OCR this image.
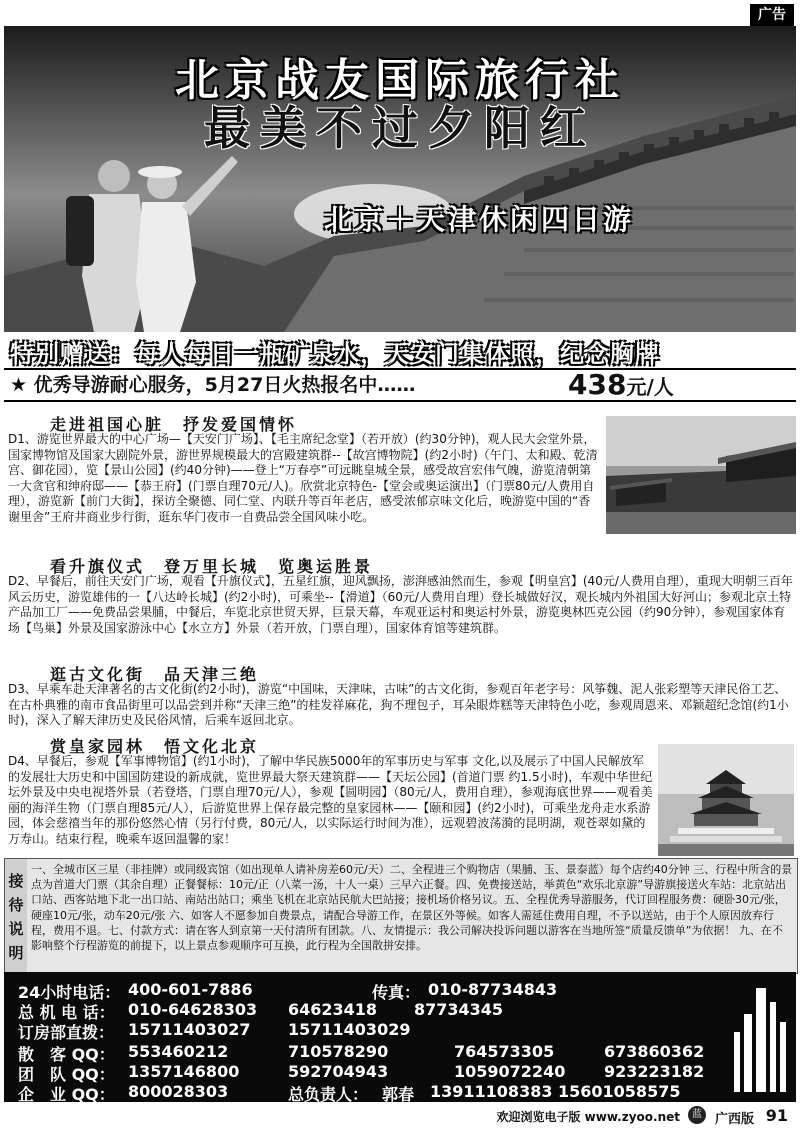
广告
北京战友国际旅行社
最美不过夕阳红
北京＋天津休闲四日游
特别赠送：每人每日一瓶矿泉水，天安门集体照，纪念胸牌
★ 优秀导游耐心服务，5月27日火热报名中……	438元/人
走进祖国心脏　抒发爱国情怀
D1、游览世界最大的中心广场—【天安门广场】、【毛主席纪念堂】（若开放）(约30分钟)，观人民大会堂外景，国家博物馆及国家大剧院外景，游世界规模最大的宫殿建筑群--【故宫博物院】(约2小时)（午门、太和殿、乾清宫、御花园），览【景山公园】(约40分钟)——登上“万春亭”可远眺皇城全景，感受故宫宏伟气魄，游览清朝第一大贪官和绅府邸——【恭王府】(门票自理70元/人)。欣赏北京特色-【堂会或奥运演出】（门票80元/人费用自理），游览新【前门大街】，探访全聚德、同仁堂、内联升等百年老店，感受浓郁京味文化后，晚游览中国的“香谢里舍”王府井商业步行街，逛东华门夜市一自费品尝全国风味小吃。
看升旗仪式　登万里长城　览奥运胜景
D2、早餐后，前往天安门广场，观看【升旗仪式】，五星红旗，迎风飘扬，澎湃感油然而生，参观【明皇宫】(40元/人费用自理），重现大明朝三百年风云历史，游览雄伟的一【八达岭长城】(约2小时)，可乘坐--【滑道】（60元/人费用自理）登长城做好汉，观长城内外祖国大好河山；参观北京土特产品加工厂——免费品尝果脯，中餐后，车览北京世贸天界，巨景天幕，车观亚运村和奥运村外景，游览奥林匹克公园（约90分钟），参观国家体育场【鸟巢】外景及国家游泳中心【水立方】外景（若开放，门票自理），国家体育馆等建筑群。
逛古文化街　品天津三绝
D3、早乘车赴天津著名的古文化街(约2小时)，游览“中国味，天津味，古味”的古文化街，参观百年老字号：风筝魏、泥人张彩塑等天津民俗工艺、在古朴典雅的南市食品街里可以品尝到并称“天津三绝”的桂发祥麻花，狗不理包子，耳朵眼炸糕等天津特色小吃，参观周恩来、邓颖超纪念馆(约1小时)，深入了解天津历史及民俗风情，后乘车返回北京。
赏皇家园林　悟文化北京
D4、早餐后，参观【军事博物馆】(约1小时)，了解中华民族5000年的军事历史与军事 文化,以及展示了中国人民解放军的发展壮大历史和中国国防建设的新成就，览世界最大祭天建筑群——【天坛公园】(首道门票 约1.5小时)，车观中华世纪坛外景及中央电视塔外景（若登塔，门票自理70元/人），参观【圆明园】（80元/人，费用自理），参观海底世界——观看美丽的海洋生物（门票自理85元/人），后游览世界上保存最完整的皇家园林——【颐和园】(约2小时)，可乘坐龙舟走水系游园，体会慈禧当年的那份悠然心情（另行付费，80元/人，以实际运行时间为准），远观碧波荡漪的昆明湖，观苍翠如黛的万寿山。结束行程，晚乘车返回温馨的家！
接待说明
一、全城市区三星（非挂牌）或同级宾馆（如出现单人请补房差60元/天）二、全程进三个购物店（果脯、玉、景泰蓝）每个店约40分钟 三、行程中所含的景点为首道大门票（其余自理）正餐餐标：10元/正（八菜一汤，十人一桌）三早六正餐。四、免费接送站，举黄色“欢乐北京游”导游旗接送火车站：北京站出口站、西客站地下北一出口站、南站出站口；乘坐飞机在北京站民航大巴站接；接机场价格另议。五、全程优秀导游服务，代订回程服务费：硬卧30元/张，硬座10元/张，动车20元/张 六、如客人不愿参加自费景点，请配合导游工作，在景区外等候。如客人需延住费用自理，不予以送站，由于个人原因放弃行程，费用不退。七、付款方式：请在客人到京第一天付清所有团款。八、友情提示：我公司解决投诉问题以游客在当地所签“质量反馈单”为依据！ 九、在不影响整个行程游览的前提下，以上景点参观顺序可互换，此行程为全国散拼安排。
24小时电话： 400-601-7886	传真： 010-87734843
总 机 电 话： 010-64628303 64623418 87734345
订房部直拨： 15711403027 15711403029
散　客 QQ： 553460212	710578290	764573305	673860362
团　队 QQ： 1357146800	592704943	1059072240 923223182
企　业 QQ： 800028303	总负责人： 郭春 13911108383 15601058575
欢迎浏览电子版 www.zyoo.net	蓝 广西版 91
